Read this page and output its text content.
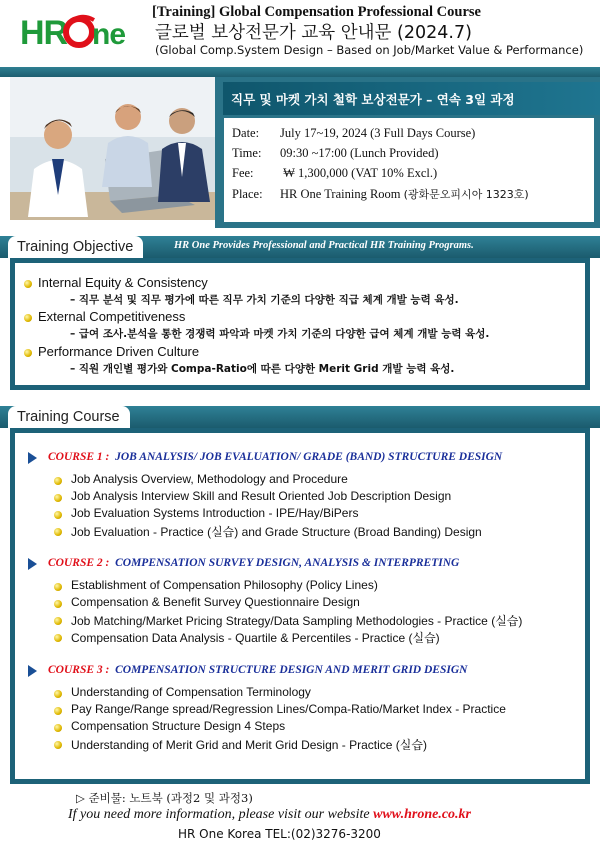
HR ne
[Training] Global Compensation Professional Course
글로벌 보상전문가 교육 안내문 (2024.7)
(Global Comp.System Design – Based on Job/Market Value & Performance)
직무 및 마켓 가치 철학 보상전문가 – 연속 3일 과정
Date: July 17~19, 2024 (3 Full Days Course)
Time: 09:30 ~17:00 (Lunch Provided)
Fee: ₩ 1,300,000 (VAT 10% Excl.)
Place: HR One Training Room (광화문오피시아 1323호)
Training Objective	HR One Provides Professional and Practical HR Training Programs.
Internal Equity & Consistency
– 직무 분석 및 직무 평가에 따른 직무 가치 기준의 다양한 직급 체계 개발 능력 육성.
External Competitiveness
– 급여 조사.분석을 통한 경쟁력 파악과 마켓 가치 기준의 다양한 급여 체계 개발 능력 육성.
Performance Driven Culture
– 직원 개인별 평가와 Compa-Ratio에 따른 다양한 Merit Grid 개발 능력 육성.
Training Course
COURSE 1 : JOB ANALYSIS/ JOB EVALUATION/ GRADE (BAND) STRUCTURE DESIGN
Job Analysis Overview, Methodology and Procedure
Job Analysis Interview Skill and Result Oriented Job Description Design
Job Evaluation Systems Introduction - IPE/Hay/BiPers
Job Evaluation - Practice (실습) and Grade Structure (Broad Banding) Design
COURSE 2 : COMPENSATION SURVEY DESIGN, ANALYSIS & INTERPRETING
Establishment of Compensation Philosophy (Policy Lines)
Compensation & Benefit Survey Questionnaire Design
Job Matching/Market Pricing Strategy/Data Sampling Methodologies - Practice (실습)
Compensation Data Analysis - Quartile & Percentiles - Practice (실습)
COURSE 3 : COMPENSATION STRUCTURE DESIGN AND MERIT GRID DESIGN
Understanding of Compensation Terminology
Pay Range/Range spread/Regression Lines/Compa-Ratio/Market Index - Practice
Compensation Structure Design 4 Steps
Understanding of Merit Grid and Merit Grid Design - Practice (실습)
▷ 준비물: 노트북 (과정2 및 과정3)
If you need more information, please visit our website www.hrone.co.kr
HR One Korea TEL:(02)3276-3200
